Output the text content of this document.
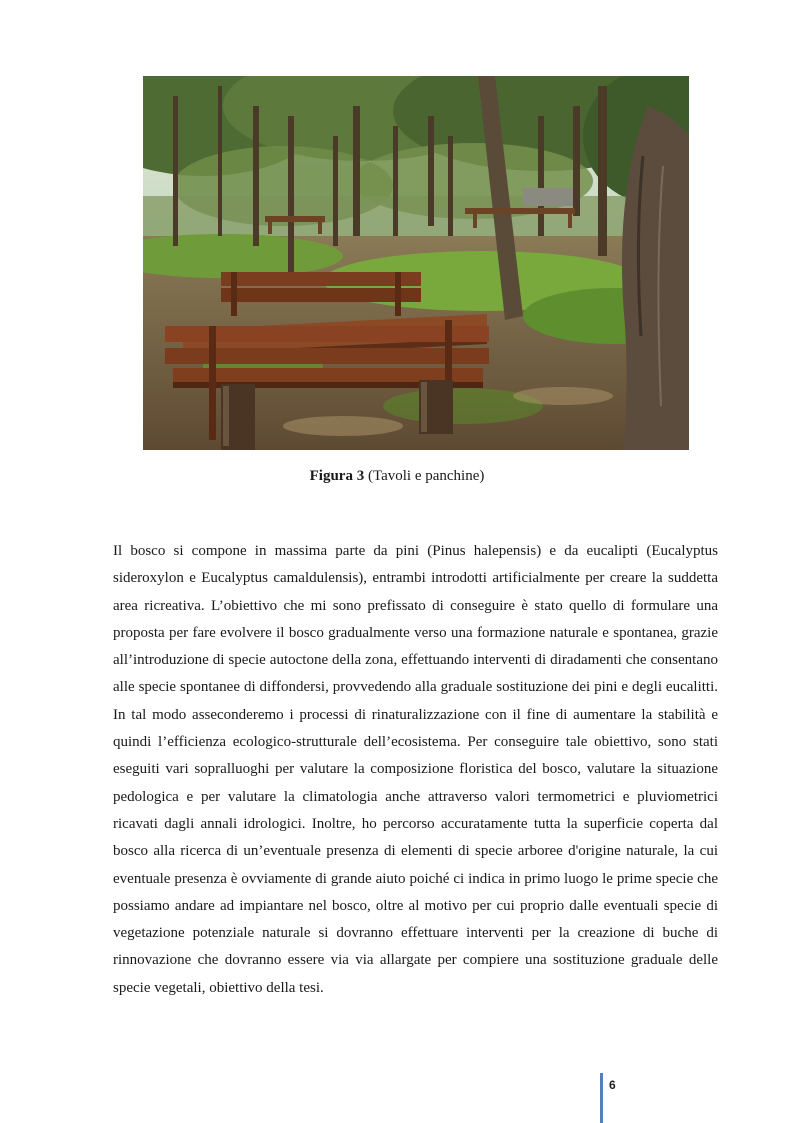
Figura 3 (Tavoli e panchine)

Il bosco si compone in massima parte da pini (Pinus halepensis) e da eucalipti (Eucalyptus sideroxylon e Eucalyptus camaldulensis), entrambi introdotti artificialmente per creare la suddetta area ricreativa. L’obiettivo che mi sono prefissato di conseguire è stato quello di formulare una proposta per fare evolvere il bosco gradualmente verso una formazione naturale e spontanea, grazie all’introduzione di specie autoctone della zona, effettuando interventi di diradamenti che consentano alle specie spontanee di diffondersi, provvedendo alla graduale sostituzione dei pini e degli eucalitti. In tal modo asseconderemo i processi di rinaturalizzazione con il fine di aumentare la stabilità e quindi l’efficienza ecologico-strutturale dell’ecosistema. Per conseguire tale obiettivo, sono stati eseguiti vari sopralluoghi per valutare la composizione floristica del bosco, valutare la situazione pedologica e per valutare la climatologia anche attraverso valori termometrici e pluviometrici ricavati dagli annali idrologici. Inoltre, ho percorso accuratamente tutta la superficie coperta dal bosco alla ricerca di un’eventuale presenza di elementi di specie arboree d'origine naturale, la cui eventuale presenza è ovviamente di grande aiuto poiché ci indica in primo luogo le prime specie che possiamo andare ad impiantare nel bosco, oltre al motivo per cui proprio dalle eventuali specie di vegetazione potenziale naturale si dovranno effettuare interventi per la creazione di buche di rinnovazione che dovranno essere via via allargate per compiere una sostituzione graduale delle specie vegetali, obiettivo della tesi.

6
